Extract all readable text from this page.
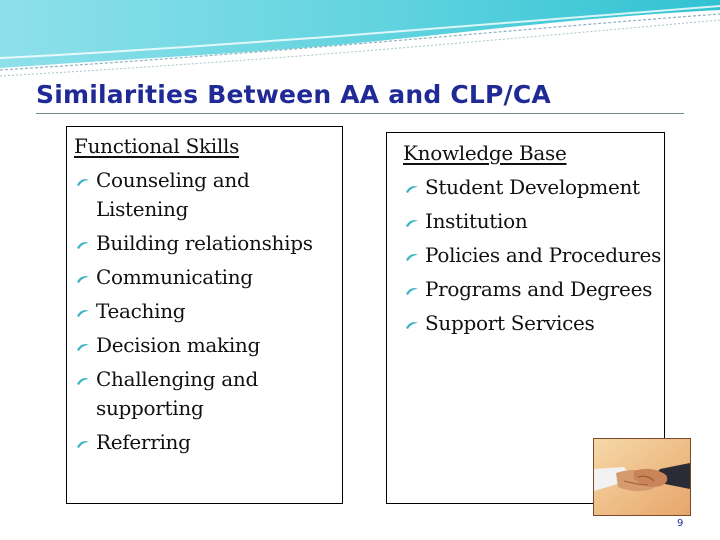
Similarities Between AA and CLP/CA
Functional Skills
Counseling and Listening
Building relationships
Communicating
Teaching
Decision making
Challenging and supporting
Referring
Knowledge Base
Student Development
Institution
Policies and Procedures
Programs and Degrees
Support Services
9
